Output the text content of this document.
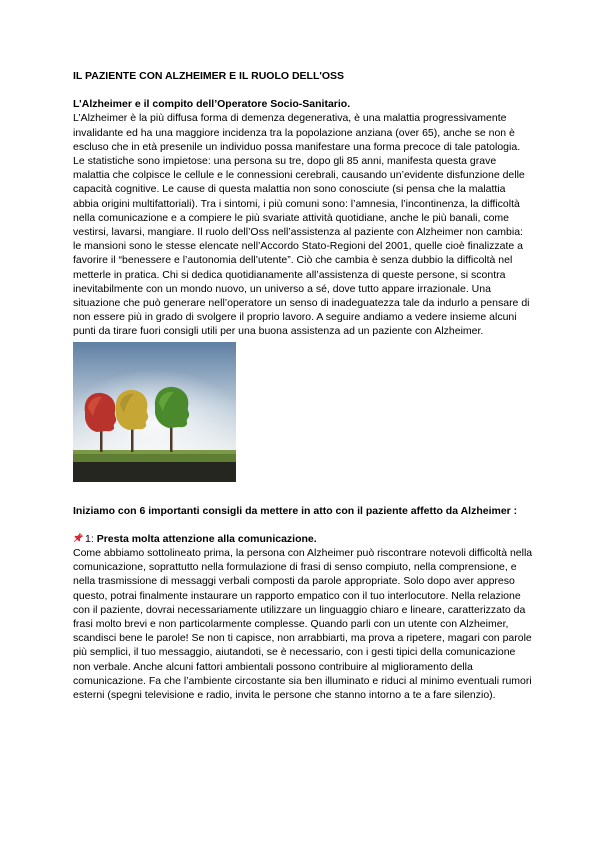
IL PAZIENTE CON ALZHEIMER E IL RUOLO DELL'OSS

L’Alzheimer e il compito dell’Operatore Socio-Sanitario.

L’Alzheimer è la più diffusa forma di demenza degenerativa, è una malattia progressivamente invalidante ed ha una maggiore incidenza tra la popolazione anziana (over 65), anche se non è escluso che in età presenile un individuo possa manifestare una forma precoce di tale patologia. Le statistiche sono impietose: una persona su tre, dopo gli 85 anni, manifesta questa grave malattia che colpisce le cellule e le connessioni cerebrali, causando un’evidente disfunzione delle capacità cognitive. Le cause di questa malattia non sono conosciute (si pensa che la malattia abbia origini multifattoriali). Tra i sintomi, i più comuni sono: l’amnesia, l’incontinenza, la difficoltà nella comunicazione e a compiere le più svariate attività quotidiane, anche le più banali, come vestirsi, lavarsi, mangiare. Il ruolo dell’Oss nell’assistenza al paziente con Alzheimer non cambia: le mansioni sono le stesse elencate nell’Accordo Stato-Regioni del 2001, quelle cioè finalizzate a favorire il “benessere e l’autonomia dell’utente”. Ciò che cambia è senza dubbio la difficoltà nel metterle in pratica. Chi si dedica quotidianamente all’assistenza di queste persone, si scontra inevitabilmente con un mondo nuovo, un universo a sé, dove tutto appare irrazionale. Una situazione che può generare nell’operatore un senso di inadeguatezza tale da indurlo a pensare di non essere più in grado di svolgere il proprio lavoro. A seguire andiamo a vedere insieme alcuni punti da tirare fuori consigli utili per una buona assistenza ad un paziente con Alzheimer.

Iniziamo con 6 importanti consigli da mettere in atto con il paziente affetto da Alzheimer :

1: Presta molta attenzione alla comunicazione.

Come abbiamo sottolineato prima, la persona con Alzheimer può riscontrare notevoli difficoltà nella comunicazione, soprattutto nella formulazione di frasi di senso compiuto, nella comprensione, e nella trasmissione di messaggi verbali composti da parole appropriate. Solo dopo aver appreso questo, potrai finalmente instaurare un rapporto empatico con il tuo interlocutore. Nella relazione con il paziente, dovrai necessariamente utilizzare un linguaggio chiaro e lineare, caratterizzato da frasi molto brevi e non particolarmente complesse. Quando parli con un utente con Alzheimer, scandisci bene le parole! Se non ti capisce, non arrabbiarti, ma prova a ripetere, magari con parole più semplici, il tuo messaggio, aiutandoti, se è necessario, con i gesti tipici della comunicazione non verbale. Anche alcuni fattori ambientali possono contribuire al miglioramento della comunicazione. Fa che l’ambiente circostante sia ben illuminato e riduci al minimo eventuali rumori esterni (spegni televisione e radio, invita le persone che stanno intorno a te a fare silenzio).
